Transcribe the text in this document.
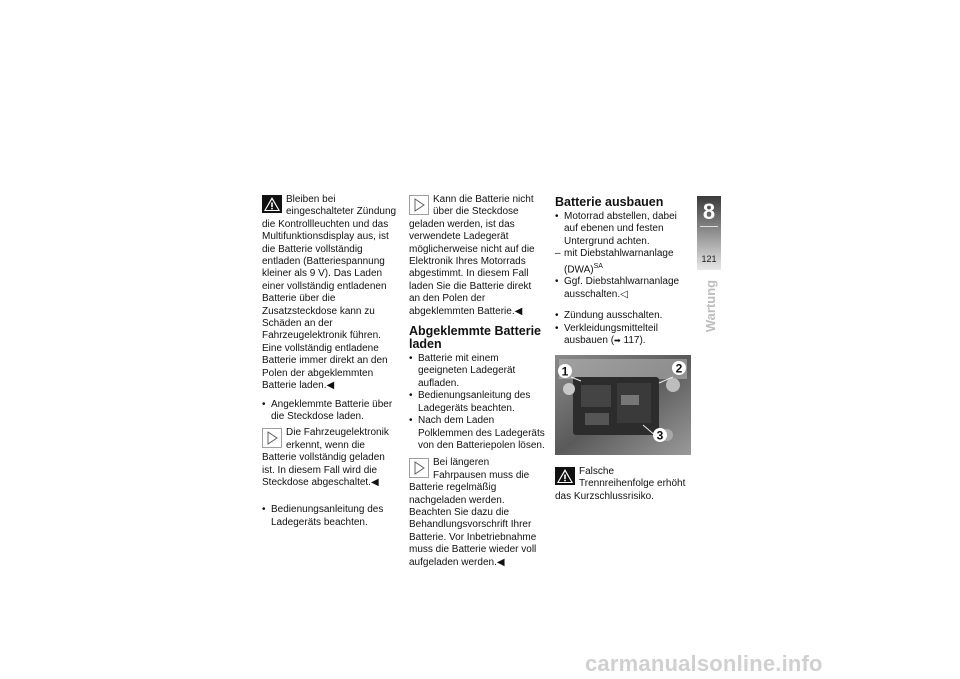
Bleiben bei eingeschalteter Zündung die Kontrollleuchten und das Multifunktionsdisplay aus, ist die Batterie vollständig entladen (Batteriespannung kleiner als 9 V). Das Laden einer vollständig entladenen Batterie über die Zusatzsteckdose kann zu Schäden an der Fahrzeugelektronik führen.

Eine vollständig entladene Batterie immer direkt an den Polen der abgeklemmten Batterie laden.◀

• Angeklemmte Batterie über die Steckdose laden.

Die Fahrzeugelektronik erkennt, wenn die Batterie vollständig geladen ist. In diesem Fall wird die Steckdose abgeschaltet.◀

• Bedienungsanleitung des Ladegeräts beachten.

Kann die Batterie nicht über die Steckdose geladen werden, ist das verwendete Ladegerät möglicherweise nicht auf die Elektronik Ihres Motorrads abgestimmt. In diesem Fall laden Sie die Batterie direkt an den Polen der abgeklemmten Batterie.◀

Abgeklemmte Batterie laden
• Batterie mit einem geeigneten Ladegerät aufladen.
• Bedienungsanleitung des Ladegeräts beachten.
• Nach dem Laden Polklemmen des Ladegeräts von den Batteriepolen lösen.

Bei längeren Fahrpausen muss die Batterie regelmäßig nachgeladen werden. Beachten Sie dazu die Behandlungsvorschrift Ihrer Batterie. Vor Inbetriebnahme muss die Batterie wieder voll aufgeladen werden.◀

Batterie ausbauen
• Motorrad abstellen, dabei auf ebenen und festen Untergrund achten.
– mit Diebstahlwarnanlage (DWA)$^{SA}$
• Ggf. Diebstahlwarnanlage ausschalten.◁
• Zündung ausschalten.
• Verkleidungsmittelteil ausbauen (➡ 117).
1	2
3

Falsche Trennreihenfolge erhöht das Kurzschlussrisiko.

8
121
Wartung
carmanualsonline.info
